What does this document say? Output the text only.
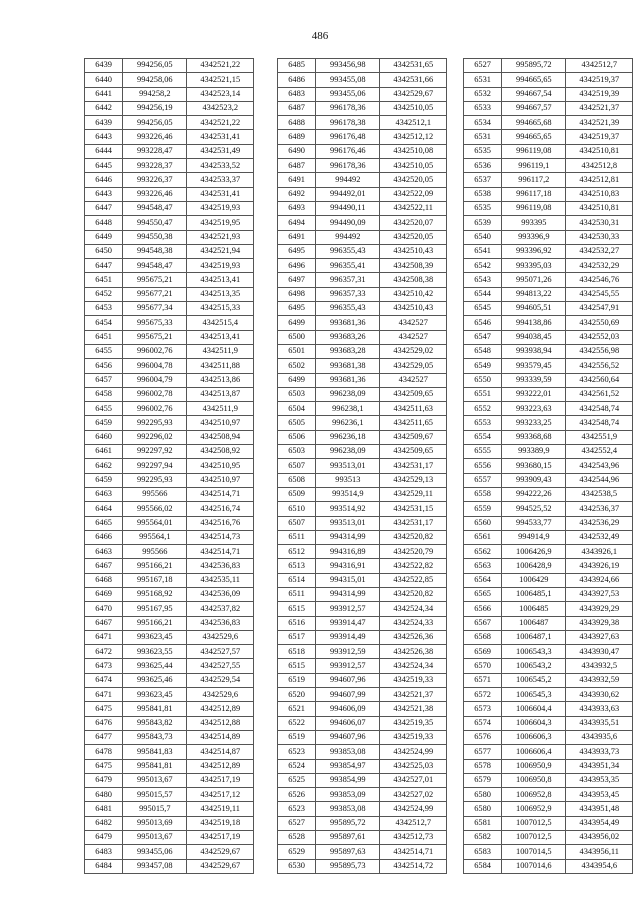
486
6439	994256,05	4342521,22
6440	994258,06	4342521,15
6441	994258,2	4342523,14
6442	994256,19	4342523,2
6439	994256,05	4342521,22
6443	993226,46	4342531,41
6444	993228,47	4342531,49
6445	993228,37	4342533,52
6446	993226,37	4342533,37
6443	993226,46	4342531,41
6447	994548,47	4342519,93
6448	994550,47	4342519,95
6449	994550,38	4342521,93
6450	994548,38	4342521,94
6447	994548,47	4342519,93
6451	995675,21	4342513,41
6452	995677,21	4342513,35
6453	995677,34	4342515,33
6454	995675,33	4342515,4
6451	995675,21	4342513,41
6455	996002,76	4342511,9
6456	996004,78	4342511,88
6457	996004,79	4342513,86
6458	996002,78	4342513,87
6455	996002,76	4342511,9
6459	992295,93	4342510,97
6460	992296,02	4342508,94
6461	992297,92	4342508,92
6462	992297,94	4342510,95
6459	992295,93	4342510,97
6463	995566	4342514,71
6464	995566,02	4342516,74
6465	995564,01	4342516,76
6466	995564,1	4342514,73
6463	995566	4342514,71
6467	995166,21	4342536,83
6468	995167,18	4342535,11
6469	995168,92	4342536,09
6470	995167,95	4342537,82
6467	995166,21	4342536,83
6471	993623,45	4342529,6
6472	993623,55	4342527,57
6473	993625,44	4342527,55
6474	993625,46	4342529,54
6471	993623,45	4342529,6
6475	995841,81	4342512,89
6476	995843,82	4342512,88
6477	995843,73	4342514,89
6478	995841,83	4342514,87
6475	995841,81	4342512,89
6479	995013,67	4342517,19
6480	995015,57	4342517,12
6481	995015,7	4342519,11
6482	995013,69	4342519,18
6479	995013,67	4342517,19
6483	993455,06	4342529,67
6484	993457,08	4342529,67
6485	993456,98	4342531,65
6486	993455,08	4342531,66
6483	993455,06	4342529,67
6487	996178,36	4342510,05
6488	996178,38	4342512,1
6489	996176,48	4342512,12
6490	996176,46	4342510,08
6487	996178,36	4342510,05
6491	994492	4342520,05
6492	994492,01	4342522,09
6493	994490,11	4342522,11
6494	994490,09	4342520,07
6491	994492	4342520,05
6495	996355,43	4342510,43
6496	996355,41	4342508,39
6497	996357,31	4342508,38
6498	996357,33	4342510,42
6495	996355,43	4342510,43
6499	993681,36	4342527
6500	993683,26	4342527
6501	993683,28	4342529,02
6502	993681,38	4342529,05
6499	993681,36	4342527
6503	996238,09	4342509,65
6504	996238,1	4342511,63
6505	996236,1	4342511,65
6506	996236,18	4342509,67
6503	996238,09	4342509,65
6507	993513,01	4342531,17
6508	993513	4342529,13
6509	993514,9	4342529,11
6510	993514,92	4342531,15
6507	993513,01	4342531,17
6511	994314,99	4342520,82
6512	994316,89	4342520,79
6513	994316,91	4342522,82
6514	994315,01	4342522,85
6511	994314,99	4342520,82
6515	993912,57	4342524,34
6516	993914,47	4342524,33
6517	993914,49	4342526,36
6518	993912,59	4342526,38
6515	993912,57	4342524,34
6519	994607,96	4342519,33
6520	994607,99	4342521,37
6521	994606,09	4342521,38
6522	994606,07	4342519,35
6519	994607,96	4342519,33
6523	993853,08	4342524,99
6524	993854,97	4342525,03
6525	993854,99	4342527,01
6526	993853,09	4342527,02
6523	993853,08	4342524,99
6527	995895,72	4342512,7
6528	995897,61	4342512,73
6529	995897,63	4342514,71
6530	995895,73	4342514,72
6527	995895,72	4342512,7
6531	994665,65	4342519,37
6532	994667,54	4342519,39
6533	994667,57	4342521,37
6534	994665,68	4342521,39
6531	994665,65	4342519,37
6535	996119,08	4342510,81
6536	996119,1	4342512,8
6537	996117,2	4342512,81
6538	996117,18	4342510,83
6535	996119,08	4342510,81
6539	993395	4342530,31
6540	993396,9	4342530,33
6541	993396,92	4342532,27
6542	993395,03	4342532,29
6543	995071,26	4342546,76
6544	994813,22	4342545,55
6545	994605,51	4342547,91
6546	994138,86	4342550,69
6547	994038,45	4342552,03
6548	993938,94	4342556,98
6549	993579,45	4342556,52
6550	993339,59	4342560,64
6551	993222,01	4342561,52
6552	993223,63	4342548,74
6553	993233,25	4342548,74
6554	993368,68	4342551,9
6555	993389,9	4342552,4
6556	993680,15	4342543,96
6557	993909,43	4342544,96
6558	994222,26	4342538,5
6559	994525,52	4342536,37
6560	994533,77	4342536,29
6561	994914,9	4342532,49
6562	1006426,9	4343926,1
6563	1006428,9	4343926,19
6564	1006429	4343924,66
6565	1006485,1	4343927,53
6566	1006485	4343929,29
6567	1006487	4343929,38
6568	1006487,1	4343927,63
6569	1006543,3	4343930,47
6570	1006543,2	4343932,5
6571	1006545,2	4343932,59
6572	1006545,3	4343930,62
6573	1006604,4	4343933,63
6574	1006604,3	4343935,51
6576	1006606,3	4343935,6
6577	1006606,4	4343933,73
6578	1006950,9	4343951,34
6579	1006950,8	4343953,35
6580	1006952,8	4343953,45
6580	1006952,9	4343951,48
6581	1007012,5	4343954,49
6582	1007012,5	4343956,02
6583	1007014,5	4343956,11
6584	1007014,6	4343954,6
